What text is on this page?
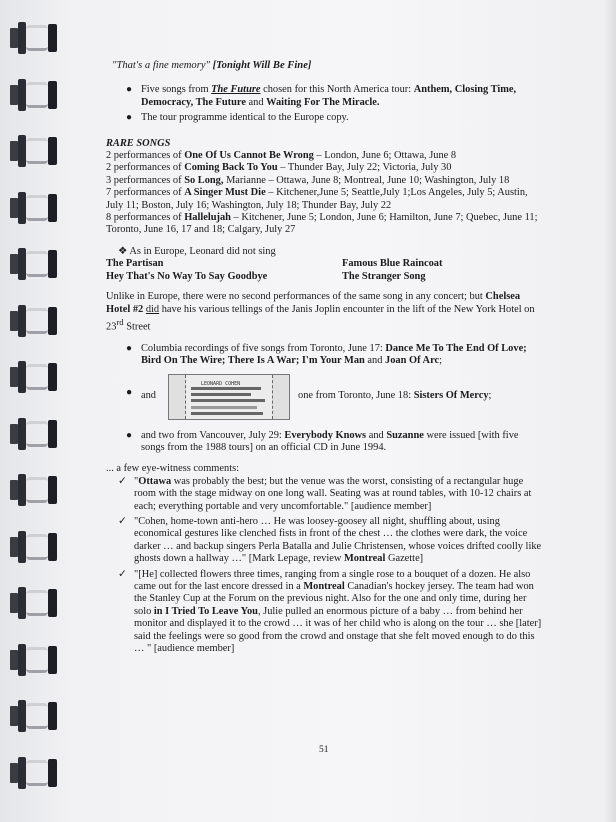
"That's a fine memory" [Tonight Will Be Fine]
● Five songs from The Future chosen for this North America tour: Anthem, Closing Time, Democracy, The Future and Waiting For The Miracle.
● The tour programme identical to the Europe copy.
RARE SONGS
2 performances of One Of Us Cannot Be Wrong – London, June 6; Ottawa, June 8
2 performances of Coming Back To You – Thunder Bay, July 22; Victoria, July 30
3 performances of So Long, Marianne – Ottawa, June 8; Montreal, June 10; Washington, July 18
7 performances of A Singer Must Die – Kitchener,June 5; Seattle,July 1;Los Angeles, July 5; Austin, July 11; Boston, July 16; Washington, July 18; Thunder Bay, July 22
8 performances of Hallelujah – Kitchener, June 5; London, June 6; Hamilton, June 7; Quebec, June 11; Toronto, June 16, 17 and 18; Calgary, July 27
❖ As in Europe, Leonard did not sing
The Partisan	Famous Blue Raincoat
Hey That's No Way To Say Goodbye	The Stranger Song

Unlike in Europe, there were no second performances of the same song in any concert; but Chelsea Hotel #2 did have his various tellings of the Janis Joplin encounter in the lift of the New York Hotel on 23rd Street

● Columbia recordings of five songs from Toronto, June 17: Dance Me To The End Of Love; Bird On The Wire; There Is A War; I'm Your Man and Joan Of Arc;
● and
LEONARD COHEN
one from Toronto, June 18: Sisters Of Mercy;
● and two from Vancouver, July 29: Everybody Knows and Suzanne were issued [with five songs from the 1988 tours] on an official CD in June 1994.
... a few eye-witness comments:
✓ "Ottawa was probably the best; but the venue was the worst, consisting of a rectangular huge room with the stage midway on one long wall. Seating was at round tables, with 10-12 chairs at each; everything portable and very uncomfortable." [audience member]
✓ "Cohen, home-town anti-hero … He was loosey-goosey all night, shuffling about, using economical gestures like clenched fists in front of the chest … the clothes were dark, the voice darker … and backup singers Perla Batalla and Julie Christensen, whose voices drifted coolly like ghosts down a hallway …" [Mark Lepage, review Montreal Gazette]
✓ "[He] collected flowers three times, ranging from a single rose to a bouquet of a dozen. He also came out for the last encore dressed in a Montreal Canadian's hockey jersey. The team had won the Stanley Cup at the Forum on the previous night. Also for the one and only time, during her solo in I Tried To Leave You, Julie pulled an enormous picture of a baby … from behind her monitor and displayed it to the crowd … it was of her child who is along on the tour … she [later] said the feelings were so good from the crowd and onstage that she felt moved enough to do this … " [audience member]
51
